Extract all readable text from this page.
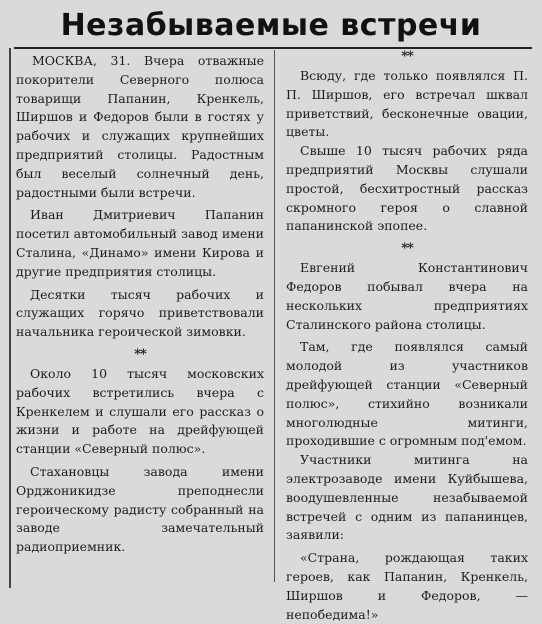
Незабываемые встречи

МОСКВА, 31. Вчера отважные покорители Северного полюса товарищи Папанин, Кренкель, Ширшов и Федоров были в гостях у рабочих и служащих крупнейших предприятий столицы. Радостным был веселый солнечный день, радостными были встречи.

Иван Дмитриевич Папанин посетил автомобильный завод имени Сталина, «Динамо» имени Кирова и другие предприятия столицы.

Десятки тысяч рабочих и служащих горячо приветствовали начальника героической зимовки.

**

Около 10 тысяч московских рабочих встретились вчера с Кренкелем и слушали его рассказ о жизни и работе на дрейфующей станции «Северный полюс».

Стахановцы завода имени Орджоникидзе преподнесли героическому радисту собранный на заводе замечательный радиоприемник.

**

Всюду, где только появлялся П. П. Ширшов, его встречал шквал приветствий, бесконечные овации, цветы.

Свыше 10 тысяч рабочих ряда предприятий Москвы слушали простой, бесхитростный рассказ скромного героя о славной папанинской эпопее.

**

Евгений Константинович Федоров побывал вчера на нескольких предприятиях Сталинского района столицы.

Там, где появлялся самый молодой из участников дрейфующей станции «Северный полюс», стихийно возникали многолюдные митинги, проходившие с огромным под'емом.

Участники митинга на электрозаводе имени Куйбышева, воодушевленные незабываемой встречей с одним из папанинцев, заявили:

«Страна, рождающая таких героев, как Папанин, Кренкель, Ширшов и Федоров, — непобедима!»
